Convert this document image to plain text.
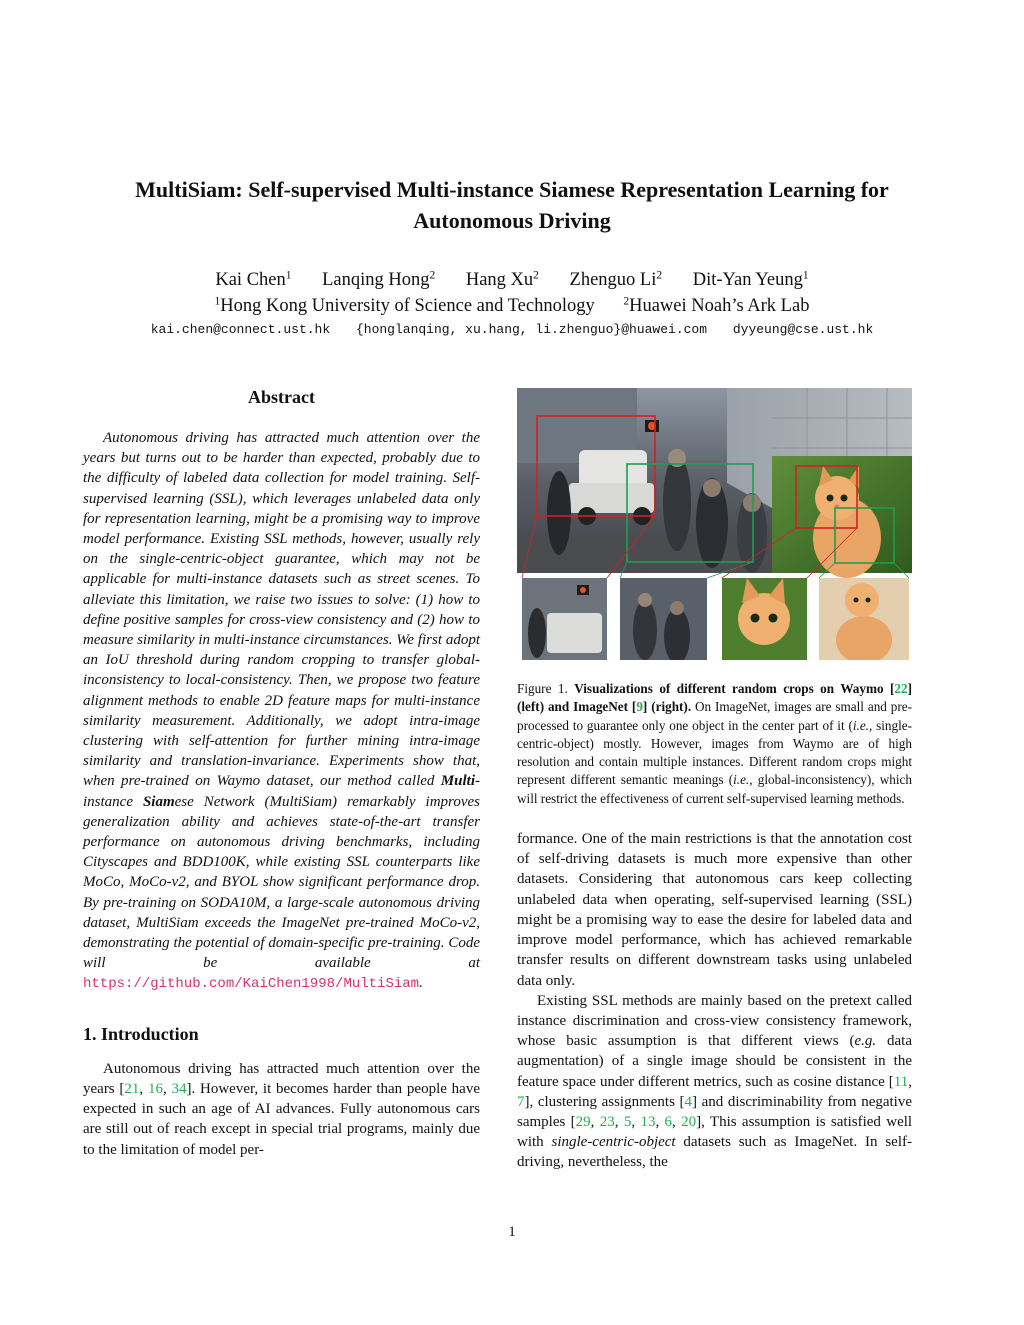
MultiSiam: Self-supervised Multi-instance Siamese Representation Learning for
Autonomous Driving
Kai Chen$^1$ Lanqing Hong$^2$ Hang Xu$^2$ Zhenguo Li$^2$ Dit-Yan Yeung$^1$
$^1$Hong Kong University of Science and Technology $^2$Huawei Noah’s Ark Lab
kai.chen@connect.ust.hk {honglanqing, xu.hang, li.zhenguo}@huawei.com dyyeung@cse.ust.hk
Abstract

Autonomous driving has attracted much attention over the years but turns out to be harder than expected, probably due to the difficulty of labeled data collection for model training. Self-supervised learning (SSL), which leverages unlabeled data only for representation learning, might be a promising way to improve model performance. Existing SSL methods, however, usually rely on the single-centric-object guarantee, which may not be applicable for multi-instance datasets such as street scenes. To alleviate this limitation, we raise two issues to solve: (1) how to define positive samples for cross-view consistency and (2) how to measure similarity in multi-instance circumstances. We first adopt an IoU threshold during random cropping to transfer global-inconsistency to local-consistency. Then, we propose two feature alignment methods to enable 2D feature maps for multi-instance similarity measurement. Additionally, we adopt intra-image clustering with self-attention for further mining intra-image similarity and translation-invariance. Experiments show that, when pre-trained on Waymo dataset, our method called Multi-instance Siamese Network (MultiSiam) remarkably improves generalization ability and achieves state-of-the-art transfer performance on autonomous driving benchmarks, including Cityscapes and BDD100K, while existing SSL counterparts like MoCo, MoCo-v2, and BYOL show significant performance drop. By pre-training on SODA10M, a large-scale autonomous driving dataset, MultiSiam exceeds the ImageNet pre-trained MoCo-v2, demonstrating the potential of domain-specific pre-training. Code will be available at https://github.com/KaiChen1998/MultiSiam.

1. Introduction

Autonomous driving has attracted much attention over the years [21, 16, 34]. However, it becomes harder than people have expected in such an age of AI advances. Fully autonomous cars are still out of reach except in special trial programs, mainly due to the limitation of model per-

Figure 1. Visualizations of different random crops on Waymo [22] (left) and ImageNet [9] (right). On ImageNet, images are small and pre-processed to guarantee only one object in the center part of it (i.e., single-centric-object) mostly. However, images from Waymo are of high resolution and contain multiple instances. Different random crops might represent different semantic meanings (i.e., global-inconsistency), which will restrict the effectiveness of current self-supervised learning methods.

formance. One of the main restrictions is that the annotation cost of self-driving datasets is much more expensive than other datasets. Considering that autonomous cars keep collecting unlabeled data when operating, self-supervised learning (SSL) might be a promising way to ease the desire for labeled data and improve model performance, which has achieved remarkable transfer results on different downstream tasks using unlabeled data only.

Existing SSL methods are mainly based on the pretext called instance discrimination and cross-view consistency framework, whose basic assumption is that different views (e.g. data augmentation) of a single image should be consistent in the feature space under different metrics, such as cosine distance [11, 7], clustering assignments [4] and discriminability from negative samples [29, 23, 5, 13, 6, 20], This assumption is satisfied well with single-centric-object datasets such as ImageNet. In self-driving, nevertheless, the

1
